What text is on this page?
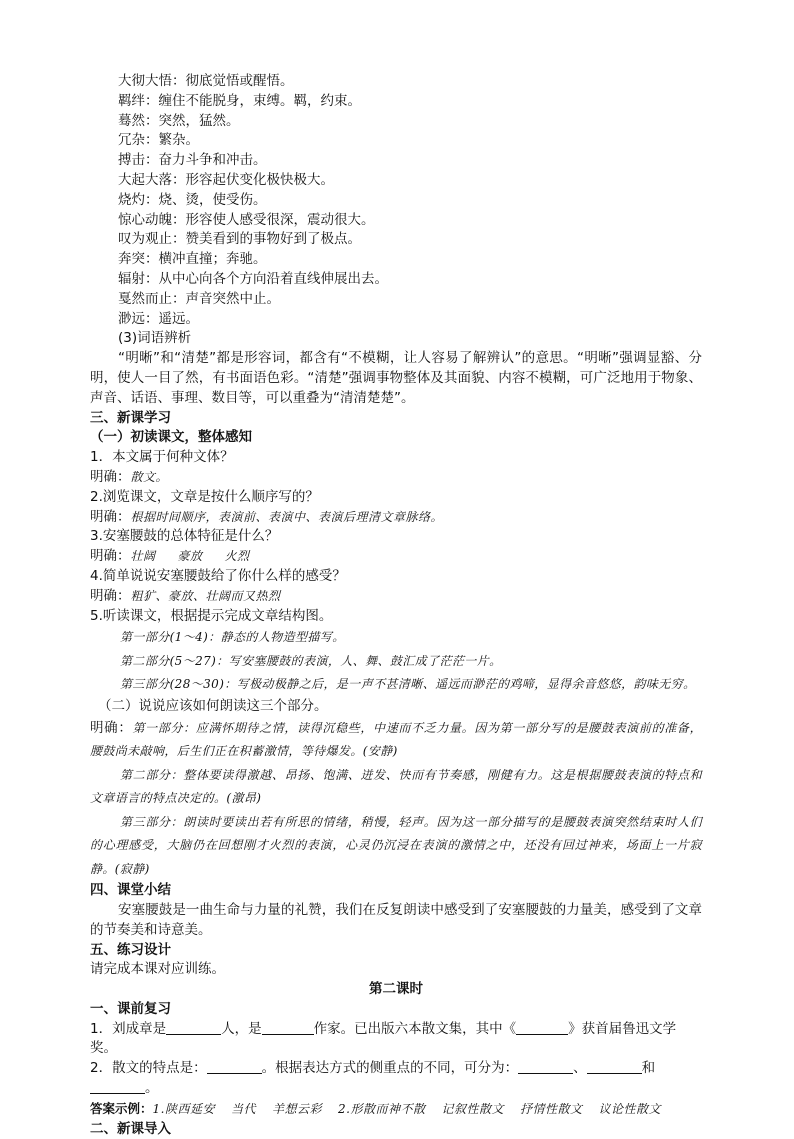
大彻大悟：彻底觉悟或醒悟。
羁绊：缠住不能脱身，束缚。羁，约束。
蓦然：突然，猛然。
冗杂：繁杂。
搏击：奋力斗争和冲击。
大起大落：形容起伏变化极快极大。
烧灼：烧、烫，使受伤。
惊心动魄：形容使人感受很深，震动很大。
叹为观止：赞美看到的事物好到了极点。
奔突：横冲直撞；奔驰。
辐射：从中心向各个方向沿着直线伸展出去。
戛然而止：声音突然中止。
渺远：遥远。
(3)词语辨析
“明晰”和“清楚”都是形容词，都含有“不模糊，让人容易了解辨认”的意思。“明晰”强调显豁、分明，使人一目了然，有书面语色彩。“清楚”强调事物整体及其面貌、内容不模糊，可广泛地用于物象、声音、话语、事理、数目等，可以重叠为“清清楚楚”。
三、新课学习
（一）初读课文，整体感知
1．本文属于何种文体？
明确：散文。
2.浏览课文，文章是按什么顺序写的？
明确：根据时间顺序，表演前、表演中、表演后理清文章脉络。
3.安塞腰鼓的总体特征是什么？
明确：壮阔 豪放 火烈
4.简单说说安塞腰鼓给了你什么样的感受？
明确：粗犷、豪放、壮阔而又热烈
5.听读课文，根据提示完成文章结构图。
第一部分(1～4)：静态的人物造型描写。
第二部分(5～27)：写安塞腰鼓的表演，人、舞、鼓汇成了茫茫一片。
第三部分(28～30)：写极动极静之后，是一声不甚清晰、遥远而渺茫的鸡啼，显得余音悠悠，韵味无穷。
（二）说说应该如何朗读这三个部分。
明确：第一部分：应满怀期待之情，读得沉稳些，中速而不乏力量。因为第一部分写的是腰鼓表演前的准备，腰鼓尚未敲响，后生们正在积蓄激情，等待爆发。(安静)
第二部分：整体要读得激越、昂扬、饱满、迸发、快而有节奏感，刚健有力。这是根据腰鼓表演的特点和文章语言的特点决定的。(激昂)
第三部分：朗读时要读出若有所思的情绪，稍慢，轻声。因为这一部分描写的是腰鼓表演突然结束时人们的心理感受，大脑仍在回想刚才火烈的表演，心灵仍沉浸在表演的激情之中，还没有回过神来，场面上一片寂静。(寂静)
四、课堂小结
安塞腰鼓是一曲生命与力量的礼赞，我们在反复朗读中感受到了安塞腰鼓的力量美，感受到了文章的节奏美和诗意美。
五、练习设计
请完成本课对应训练。
第二课时
一、课前复习
1．刘成章是	人，是	作家。已出版六本散文集，其中《	》获首届鲁迅文学
奖。
2．散文的特点是：	。根据表达方式的侧重点的不同，可分为：	、	和
。
答案示例：1.陕西延安 当代 羊想云彩 2.形散而神不散 记叙性散文 抒情性散文 议论性散文
二、新课导入
